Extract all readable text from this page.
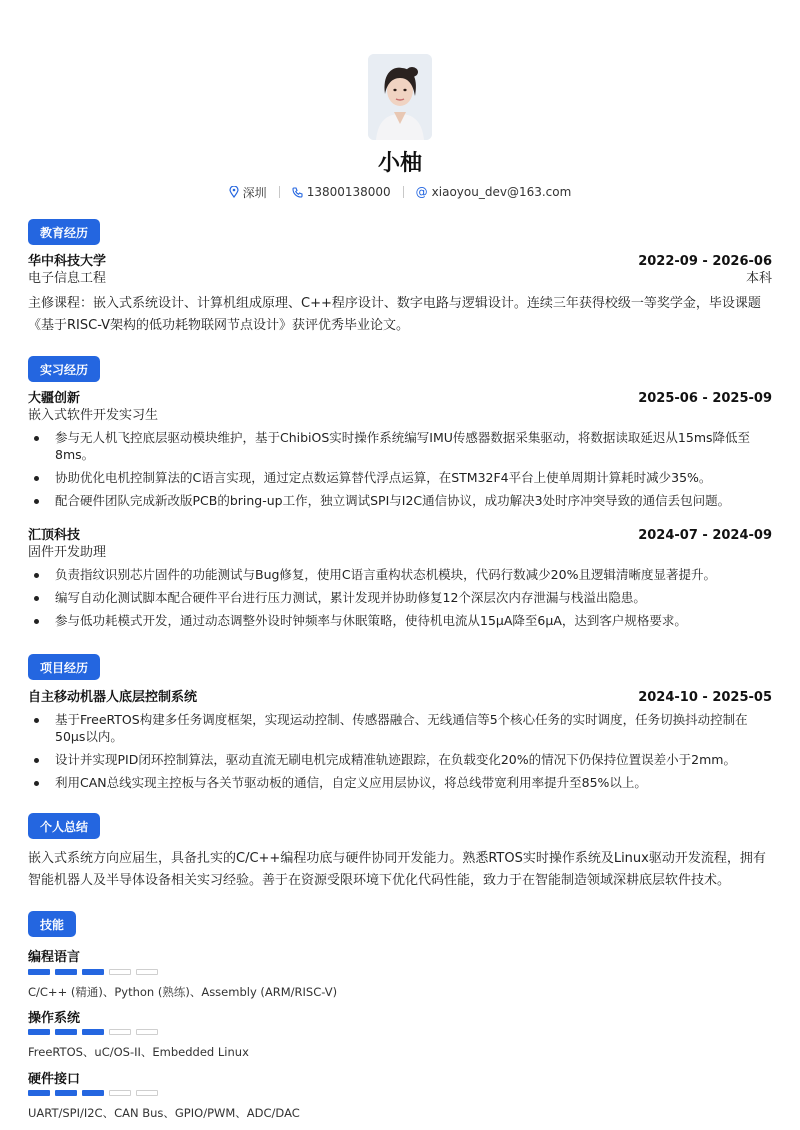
小柚
深圳	13800138000 @ xiaoyou_dev@163.com
教育经历
华中科技大学	2022-09 - 2026-06
电子信息工程	本科

主修课程：嵌入式系统设计、计算机组成原理、C++程序设计、数字电路与逻辑设计。连续三年获得校级一等奖学金，毕设课题《基于RISC-V架构的低功耗物联网节点设计》获评优秀毕业论文。

实习经历
大疆创新	2025-06 - 2025-09
嵌入式软件开发实习生
参与无人机飞控底层驱动模块维护，基于ChibiOS实时操作系统编写IMU传感器数据采集驱动，将数据读取延迟从15ms降低至8ms。
协助优化电机控制算法的C语言实现，通过定点数运算替代浮点运算，在STM32F4平台上使单周期计算耗时减少35%。
配合硬件团队完成新改版PCB的bring-up工作，独立调试SPI与I2C通信协议，成功解决3处时序冲突导致的通信丢包问题。
汇顶科技	2024-07 - 2024-09
固件开发助理
负责指纹识别芯片固件的功能测试与Bug修复，使用C语言重构状态机模块，代码行数减少20%且逻辑清晰度显著提升。
编写自动化测试脚本配合硬件平台进行压力测试，累计发现并协助修复12个深层次内存泄漏与栈溢出隐患。
参与低功耗模式开发，通过动态调整外设时钟频率与休眠策略，使待机电流从15μA降至6μA，达到客户规格要求。
项目经历
自主移动机器人底层控制系统	2024-10 - 2025-05
基于FreeRTOS构建多任务调度框架，实现运动控制、传感器融合、无线通信等5个核心任务的实时调度，任务切换抖动控制在50μs以内。
设计并实现PID闭环控制算法，驱动直流无刷电机完成精准轨迹跟踪，在负载变化20%的情况下仍保持位置误差小于2mm。
利用CAN总线实现主控板与各关节驱动板的通信，自定义应用层协议，将总线带宽利用率提升至85%以上。
个人总结

嵌入式系统方向应届生，具备扎实的C/C++编程功底与硬件协同开发能力。熟悉RTOS实时操作系统及Linux驱动开发流程，拥有智能机器人及半导体设备相关实习经验。善于在资源受限环境下优化代码性能，致力于在智能制造领域深耕底层软件技术。

技能
编程语言
C/C++ (精通)、Python (熟练)、Assembly (ARM/RISC-V)
操作系统
FreeRTOS、uC/OS-II、Embedded Linux
硬件接口
UART/SPI/I2C、CAN Bus、GPIO/PWM、ADC/DAC
